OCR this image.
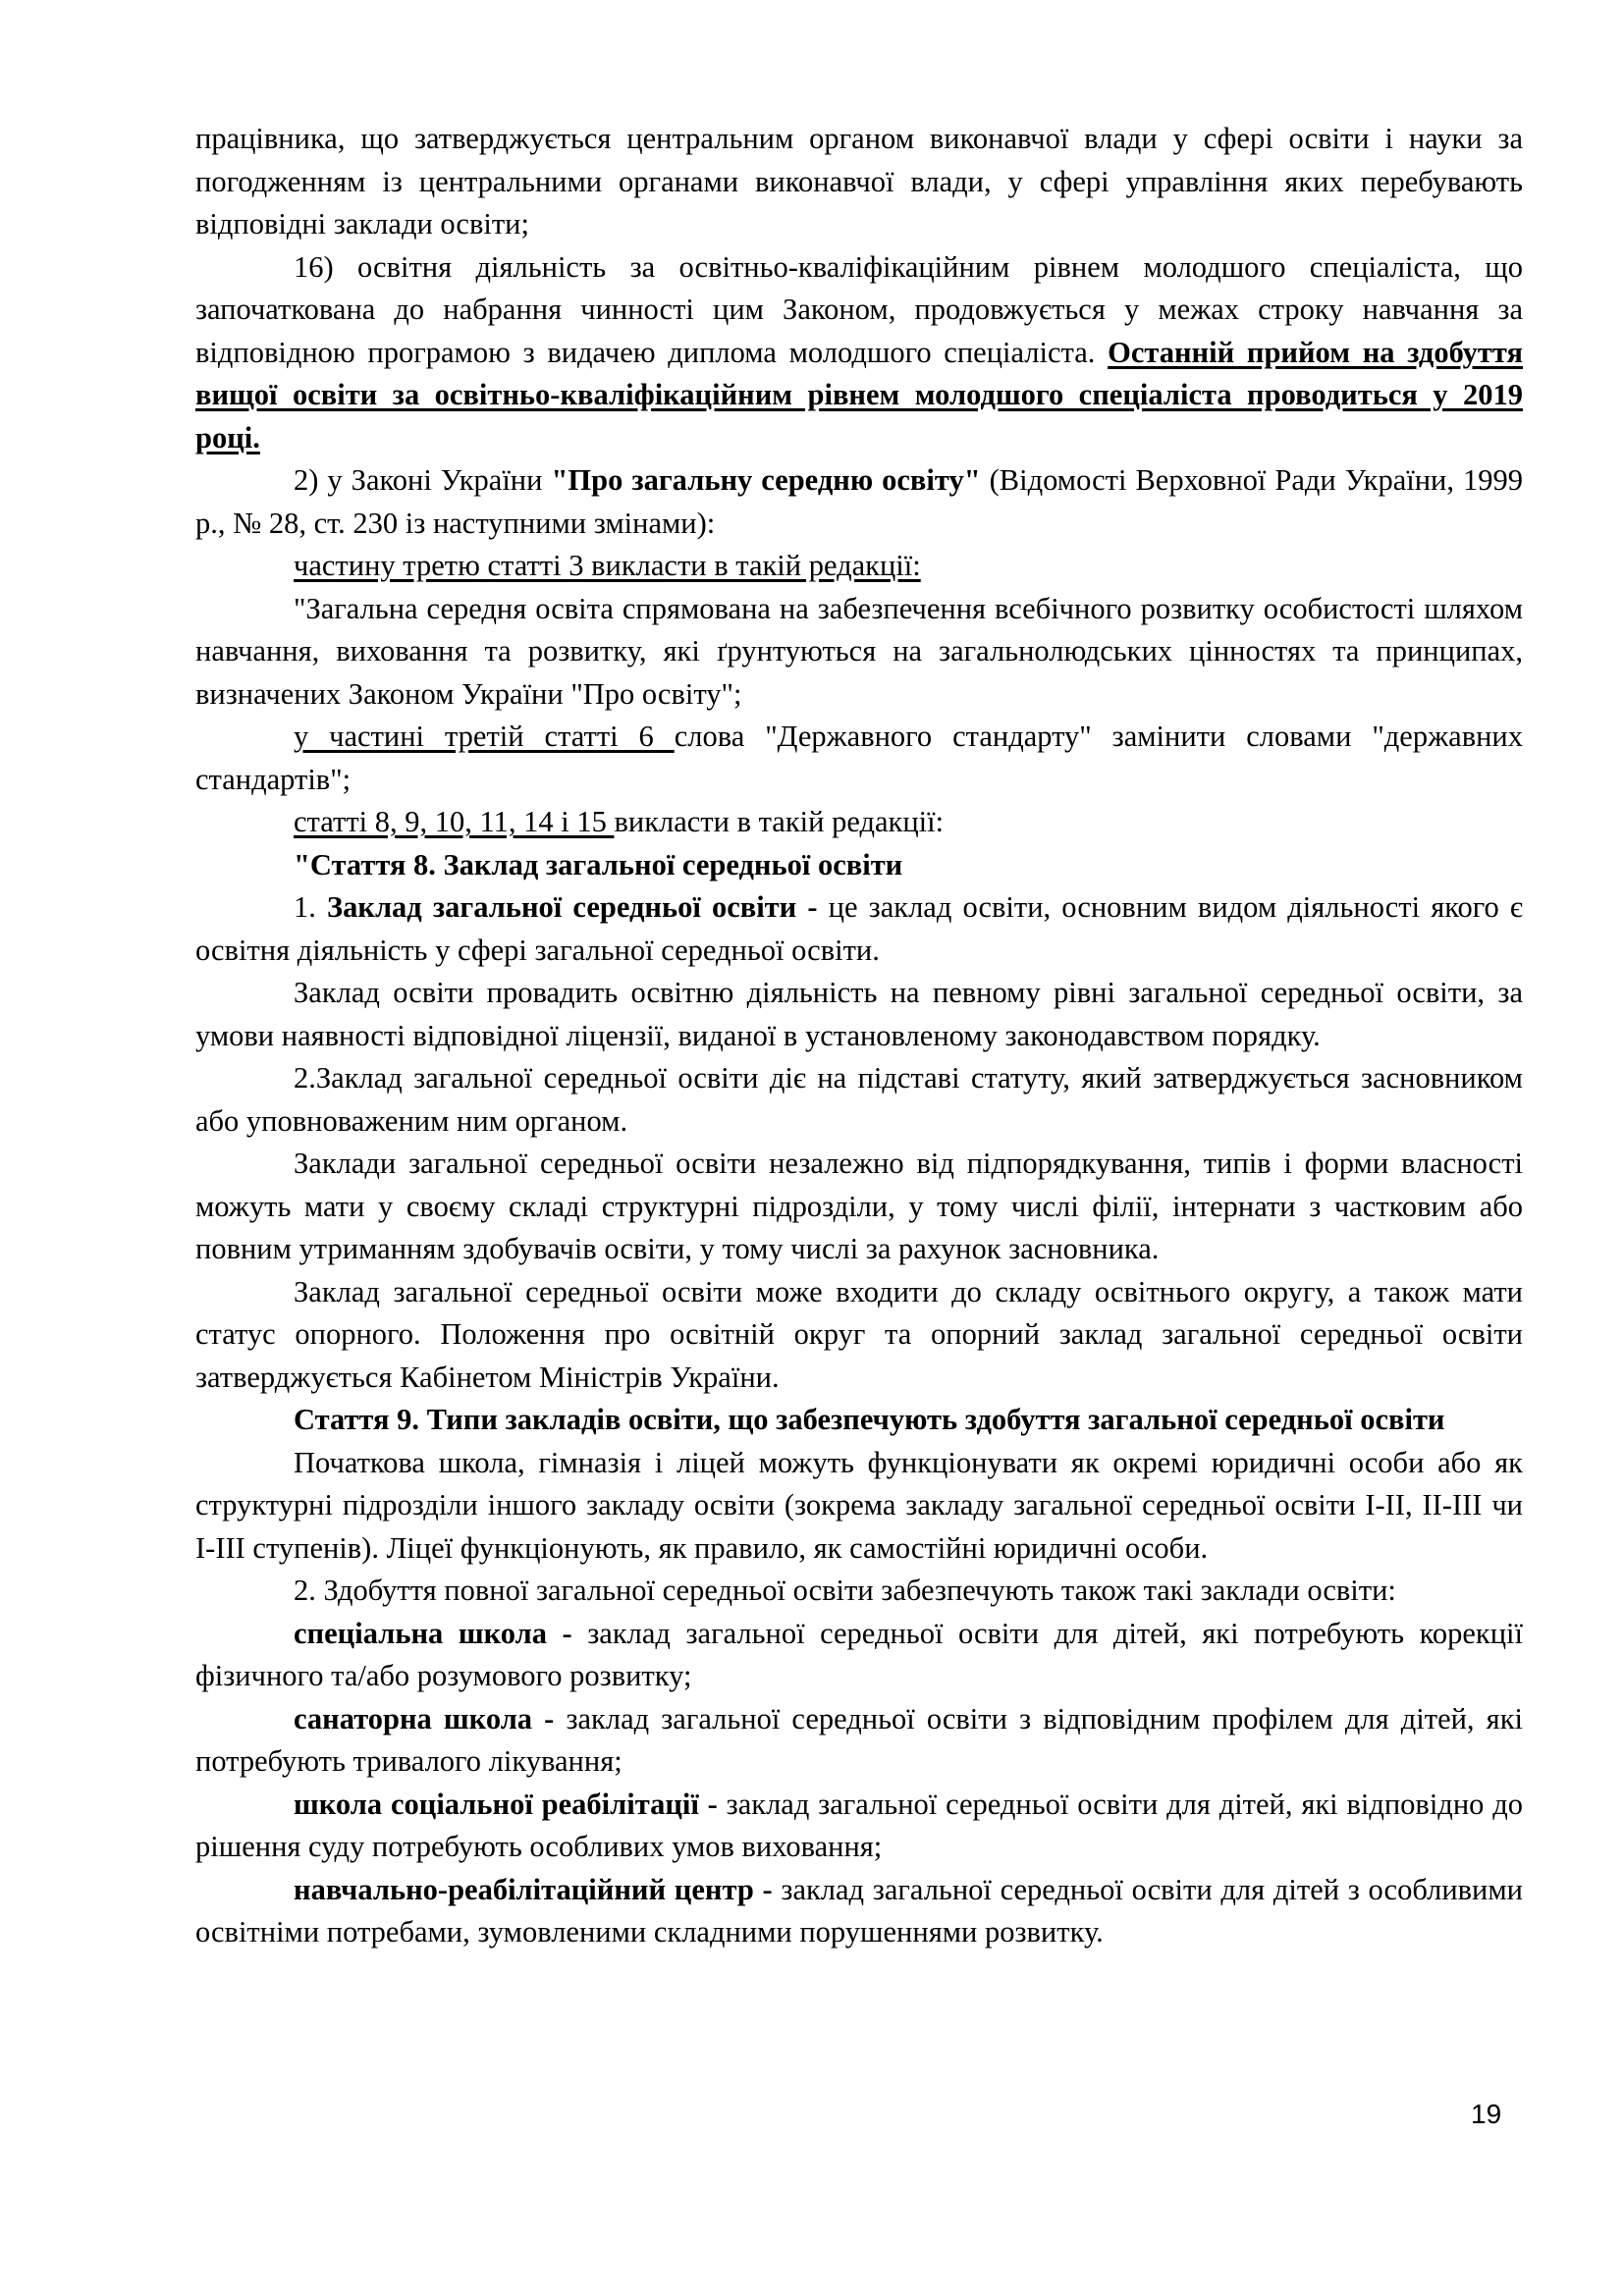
працівника, що затверджується центральним органом виконавчої влади у сфері освіти і науки за погодженням із центральними органами виконавчої влади, у сфері управління яких перебувають відповідні заклади освіти;

16) освітня діяльність за освітньо-кваліфікаційним рівнем молодшого спеціаліста, що започаткована до набрання чинності цим Законом, продовжується у межах строку навчання за відповідною програмою з видачею диплома молодшого спеціаліста. Останній прийом на здобуття вищої освіти за освітньо-кваліфікаційним рівнем молодшого спеціаліста проводиться у 2019 році.

2) у Законі України "Про загальну середню освіту" (Відомості Верховної Ради України, 1999 р., № 28, ст. 230 із наступними змінами):

частину третю статті 3 викласти в такій редакції:

"Загальна середня освіта спрямована на забезпечення всебічного розвитку особистості шляхом навчання, виховання та розвитку, які ґрунтуються на загальнолюдських цінностях та принципах, визначених Законом України "Про освіту";

у частині третій статті 6 слова "Державного стандарту" замінити словами "державних стандартів";

статті 8, 9, 10, 11, 14 і 15 викласти в такій редакції:

"Стаття 8. Заклад загальної середньої освіти

1. Заклад загальної середньої освіти - це заклад освіти, основним видом діяльності якого є освітня діяльність у сфері загальної середньої освіти.

Заклад освіти провадить освітню діяльність на певному рівні загальної середньої освіти, за умови наявності відповідної ліцензії, виданої в установленому законодавством порядку.

2.Заклад загальної середньої освіти діє на підставі статуту, який затверджується засновником або уповноваженим ним органом.

Заклади загальної середньої освіти незалежно від підпорядкування, типів і форми власності можуть мати у своєму складі структурні підрозділи, у тому числі філії, інтернати з частковим або повним утриманням здобувачів освіти, у тому числі за рахунок засновника.

Заклад загальної середньої освіти може входити до складу освітнього округу, а також мати статус опорного. Положення про освітній округ та опорний заклад загальної середньої освіти затверджується Кабінетом Міністрів України.

Стаття 9. Типи закладів освіти, що забезпечують здобуття загальної середньої освіти

Початкова школа, гімназія і ліцей можуть функціонувати як окремі юридичні особи або як структурні підрозділи іншого закладу освіти (зокрема закладу загальної середньої освіти І-ІІ, ІІ-ІІІ чи І-ІІІ ступенів). Ліцеї функціонують, як правило, як самостійні юридичні особи.

2. Здобуття повної загальної середньої освіти забезпечують також такі заклади освіти:

спеціальна школа - заклад загальної середньої освіти для дітей, які потребують корекції фізичного та/або розумового розвитку;

санаторна школа - заклад загальної середньої освіти з відповідним профілем для дітей, які потребують тривалого лікування;

школа соціальної реабілітації - заклад загальної середньої освіти для дітей, які відповідно до рішення суду потребують особливих умов виховання;

навчально-реабілітаційний центр - заклад загальної середньої освіти для дітей з особливими освітніми потребами, зумовленими складними порушеннями розвитку.

19
